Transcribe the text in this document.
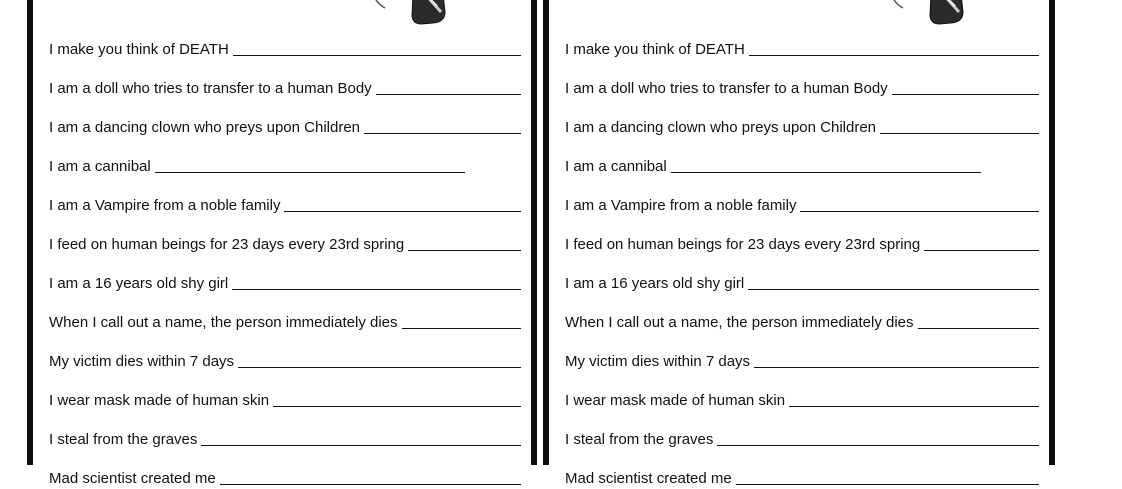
I make you think of DEATH
I am a doll who tries to transfer to a human Body
I am a dancing clown who preys upon Children
I am a cannibal
I am a Vampire from a noble family
I feed on human beings for 23 days every 23rd spring
I am a 16 years old shy girl
When I call out a name, the person immediately dies
My victim dies within 7 days
I wear mask made of human skin
I steal from the graves
Mad scientist created me
I make you think of DEATH
I am a doll who tries to transfer to a human Body
I am a dancing clown who preys upon Children
I am a cannibal
I am a Vampire from a noble family
I feed on human beings for 23 days every 23rd spring
I am a 16 years old shy girl
When I call out a name, the person immediately dies
My victim dies within 7 days
I wear mask made of human skin
I steal from the graves
Mad scientist created me
